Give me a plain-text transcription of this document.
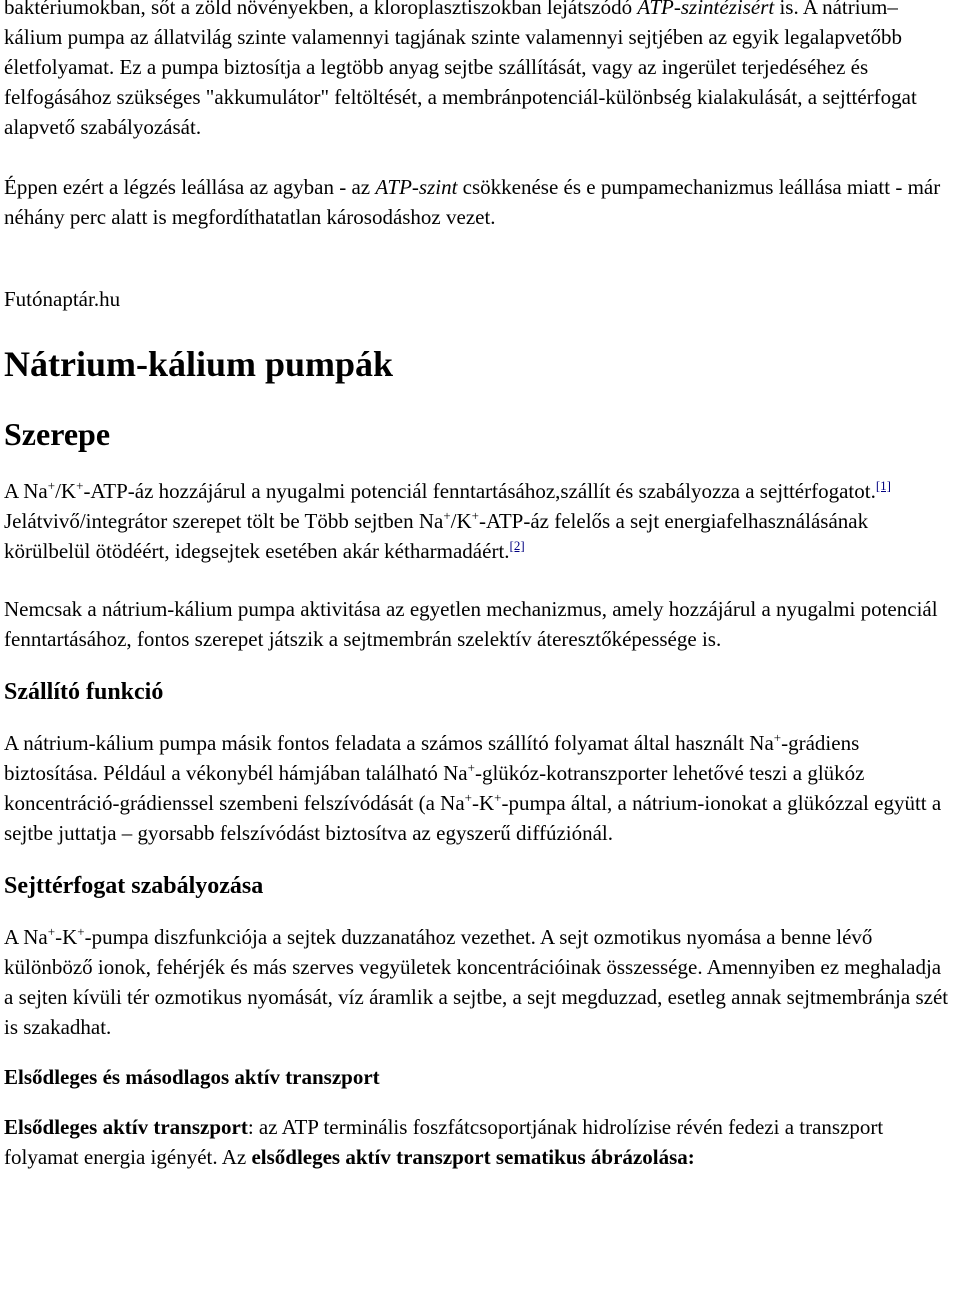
baktériumokban, sőt a zöld növényekben, a kloroplasztiszokban lejátszódó ATP-szintézisért is. A nátrium–kálium pumpa az állatvilág szinte valamennyi tagjának szinte valamennyi sejtjében az egyik legalapvetőbb életfolyamat. Ez a pumpa biztosítja a legtöbb anyag sejtbe szállítását, vagy az ingerület terjedéséhez és felfogásához szükséges "akkumulátor" feltöltését, a membránpotenciál-különbség kialakulását, a sejttérfogat alapvető szabályozását.

Éppen ezért a légzés leállása az agyban - az ATP-szint csökkenése és e pumpamechanizmus leállása miatt - már néhány perc alatt is megfordíthatatlan károsodáshoz vezet.

Futónaptár.hu

Nátrium-kálium pumpák
Szerepe

A Na+/K+-ATP-áz hozzájárul a nyugalmi potenciál fenntartásához,szállít és szabályozza a sejttérfogatot.[1] Jelátvivő/integrátor szerepet tölt be Több sejtben Na+/K+-ATP-áz felelős a sejt energiafelhasználásának körülbelül ötödéért, idegsejtek esetében akár kétharmadáért.[2]

Nemcsak a nátrium-kálium pumpa aktivitása az egyetlen mechanizmus, amely hozzájárul a nyugalmi potenciál fenntartásához, fontos szerepet játszik a sejtmembrán szelektív áteresztőképessége is.

Szállító funkció

A nátrium-kálium pumpa másik fontos feladata a számos szállító folyamat által használt Na+-grádiens biztosítása. Például a vékonybél hámjában található Na+-glükóz-kotranszporter lehetővé teszi a glükóz koncentráció-grádienssel szembeni felszívódását (a Na+-K+-pumpa által, a nátrium-ionokat a glükózzal együtt a sejtbe juttatja – gyorsabb felszívódást biztosítva az egyszerű diffúziónál.

Sejttérfogat szabályozása

A Na+-K+-pumpa diszfunkciója a sejtek duzzanatához vezethet. A sejt ozmotikus nyomása a benne lévő különböző ionok, fehérjék és más szerves vegyületek koncentrációinak összessége. Amennyiben ez meghaladja a sejten kívüli tér ozmotikus nyomását, víz áramlik a sejtbe, a sejt megduzzad, esetleg annak sejtmembránja szét is szakadhat.

Elsődleges és másodlagos aktív transzport

Elsődleges aktív transzport: az ATP terminális foszfátcsoportjának hidrolízise révén fedezi a transzport folyamat energia igényét. Az elsődleges aktív transzport sematikus ábrázolása:
